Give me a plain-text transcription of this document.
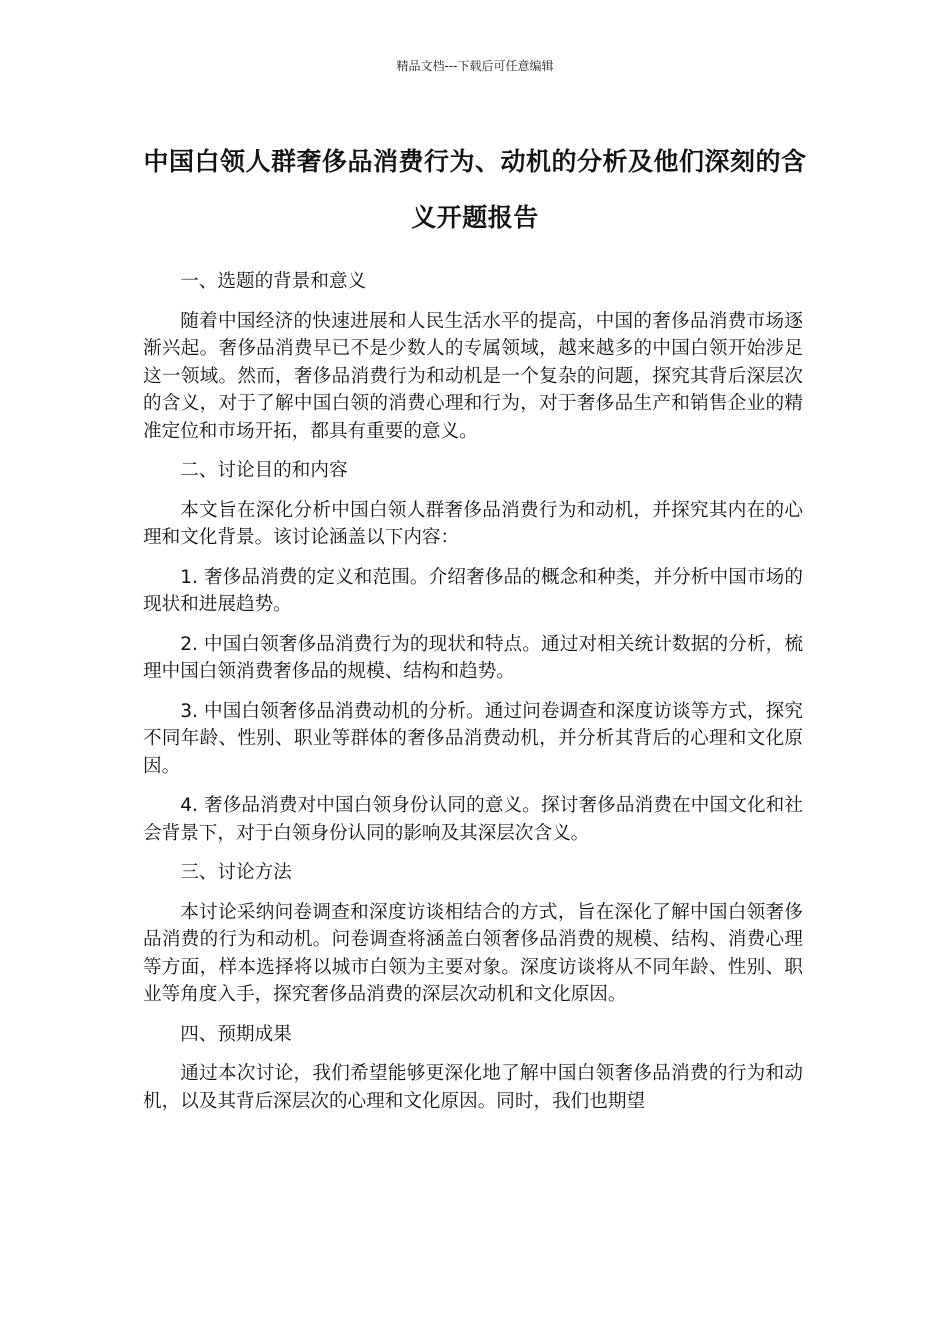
精品文档---下载后可任意编辑
中国白领人群奢侈品消费行为、动机的分析及他们深刻的含义开题报告

一、选题的背景和意义

随着中国经济的快速进展和人民生活水平的提高，中国的奢侈品消费市场逐渐兴起。奢侈品消费早已不是少数人的专属领域，越来越多的中国白领开始涉足这一领域。然而，奢侈品消费行为和动机是一个复杂的问题，探究其背后深层次的含义，对于了解中国白领的消费心理和行为，对于奢侈品生产和销售企业的精准定位和市场开拓，都具有重要的意义。

二、讨论目的和内容

本文旨在深化分析中国白领人群奢侈品消费行为和动机，并探究其内在的心理和文化背景。该讨论涵盖以下内容：

1. 奢侈品消费的定义和范围。介绍奢侈品的概念和种类，并分析中国市场的现状和进展趋势。

2. 中国白领奢侈品消费行为的现状和特点。通过对相关统计数据的分析，梳理中国白领消费奢侈品的规模、结构和趋势。

3. 中国白领奢侈品消费动机的分析。通过问卷调查和深度访谈等方式，探究不同年龄、性别、职业等群体的奢侈品消费动机，并分析其背后的心理和文化原因。

4. 奢侈品消费对中国白领身份认同的意义。探讨奢侈品消费在中国文化和社会背景下，对于白领身份认同的影响及其深层次含义。

三、讨论方法

本讨论采纳问卷调查和深度访谈相结合的方式，旨在深化了解中国白领奢侈品消费的行为和动机。问卷调查将涵盖白领奢侈品消费的规模、结构、消费心理等方面，样本选择将以城市白领为主要对象。深度访谈将从不同年龄、性别、职业等角度入手，探究奢侈品消费的深层次动机和文化原因。

四、预期成果

通过本次讨论，我们希望能够更深化地了解中国白领奢侈品消费的行为和动机，以及其背后深层次的心理和文化原因。同时，我们也期望
